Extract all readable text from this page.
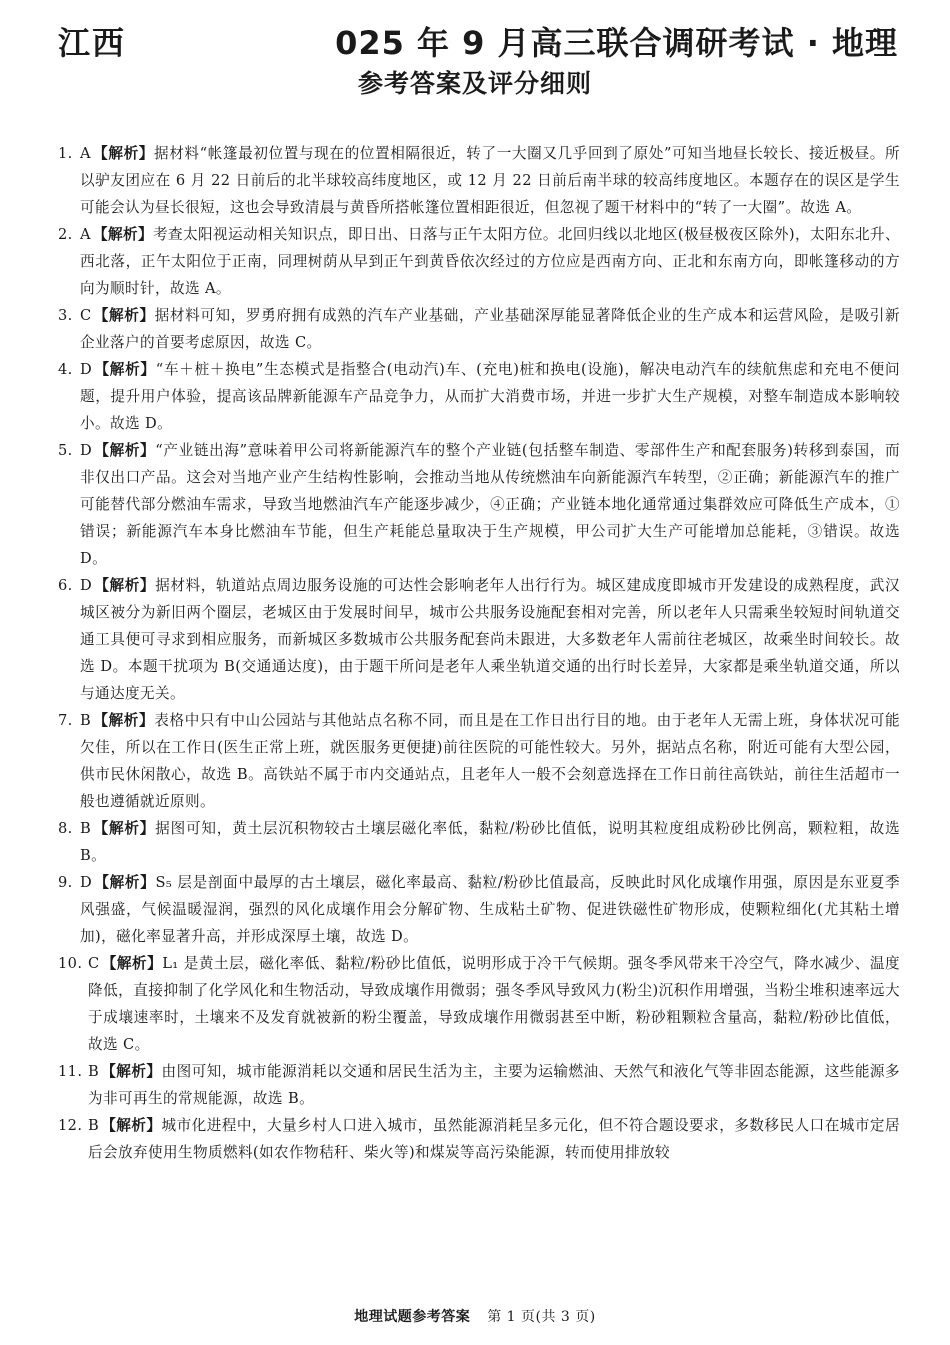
江西	025 年 9 月高三联合调研考试 · 地理
参考答案及评分细则
1. A 【解析】据材料“帐篷最初位置与现在的位置相隔很近，转了一大圈又几乎回到了原处”可知当地昼长较长、接近极昼。所以驴友团应在 6 月 22 日前后的北半球较高纬度地区，或 12 月 22 日前后南半球的较高纬度地区。本题存在的误区是学生可能会认为昼长很短，这也会导致清晨与黄昏所搭帐篷位置相距很近，但忽视了题干材料中的“转了一大圈”。故选 A。
2. A 【解析】考查太阳视运动相关知识点，即日出、日落与正午太阳方位。北回归线以北地区(极昼极夜区除外)，太阳东北升、西北落，正午太阳位于正南，同理树荫从早到正午到黄昏依次经过的方位应是西南方向、正北和东南方向，即帐篷移动的方向为顺时针，故选 A。
3. C 【解析】据材料可知，罗勇府拥有成熟的汽车产业基础，产业基础深厚能显著降低企业的生产成本和运营风险，是吸引新企业落户的首要考虑原因，故选 C。
4. D 【解析】“车＋桩＋换电”生态模式是指整合(电动汽)车、(充电)桩和换电(设施)，解决电动汽车的续航焦虑和充电不便问题，提升用户体验，提高该品牌新能源车产品竞争力，从而扩大消费市场，并进一步扩大生产规模，对整车制造成本影响较小。故选 D。
5. D 【解析】“产业链出海”意味着甲公司将新能源汽车的整个产业链(包括整车制造、零部件生产和配套服务)转移到泰国，而非仅出口产品。这会对当地产业产生结构性影响，会推动当地从传统燃油车向新能源汽车转型，②正确；新能源汽车的推广可能替代部分燃油车需求，导致当地燃油汽车产能逐步减少，④正确；产业链本地化通常通过集群效应可降低生产成本，①错误；新能源汽车本身比燃油车节能，但生产耗能总量取决于生产规模，甲公司扩大生产可能增加总能耗，③错误。故选 D。
6. D 【解析】据材料，轨道站点周边服务设施的可达性会影响老年人出行行为。城区建成度即城市开发建设的成熟程度，武汉城区被分为新旧两个圈层，老城区由于发展时间早，城市公共服务设施配套相对完善，所以老年人只需乘坐较短时间轨道交通工具便可寻求到相应服务，而新城区多数城市公共服务配套尚未跟进，大多数老年人需前往老城区，故乘坐时间较长。故选 D。本题干扰项为 B(交通通达度)，由于题干所问是老年人乘坐轨道交通的出行时长差异，大家都是乘坐轨道交通，所以与通达度无关。
7. B 【解析】表格中只有中山公园站与其他站点名称不同，而且是在工作日出行目的地。由于老年人无需上班，身体状况可能欠佳，所以在工作日(医生正常上班，就医服务更便捷)前往医院的可能性较大。另外，据站点名称，附近可能有大型公园，供市民休闲散心，故选 B。高铁站不属于市内交通站点，且老年人一般不会刻意选择在工作日前往高铁站，前往生活超市一般也遵循就近原则。
8. B 【解析】据图可知，黄土层沉积物较古土壤层磁化率低，黏粒/粉砂比值低，说明其粒度组成粉砂比例高，颗粒粗，故选 B。
9. D 【解析】S₅ 层是剖面中最厚的古土壤层，磁化率最高、黏粒/粉砂比值最高，反映此时风化成壤作用强，原因是东亚夏季风强盛，气候温暖湿润，强烈的风化成壤作用会分解矿物、生成粘土矿物、促进铁磁性矿物形成，使颗粒细化(尤其粘土增加)，磁化率显著升高，并形成深厚土壤，故选 D。
10. C 【解析】L₁ 是黄土层，磁化率低、黏粒/粉砂比值低，说明形成于冷干气候期。强冬季风带来干冷空气，降水减少、温度降低，直接抑制了化学风化和生物活动，导致成壤作用微弱；强冬季风导致风力(粉尘)沉积作用增强，当粉尘堆积速率远大于成壤速率时，土壤来不及发育就被新的粉尘覆盖，导致成壤作用微弱甚至中断，粉砂粗颗粒含量高，黏粒/粉砂比值低，故选 C。
11. B 【解析】由图可知，城市能源消耗以交通和居民生活为主，主要为运输燃油、天然气和液化气等非固态能源，这些能源多为非可再生的常规能源，故选 B。
12. B 【解析】城市化进程中，大量乡村人口进入城市，虽然能源消耗呈多元化，但不符合题设要求，多数移民人口在城市定居后会放弃使用生物质燃料(如农作物秸秆、柴火等)和煤炭等高污染能源，转而使用排放较
地理试题参考答案 第 1 页(共 3 页)
